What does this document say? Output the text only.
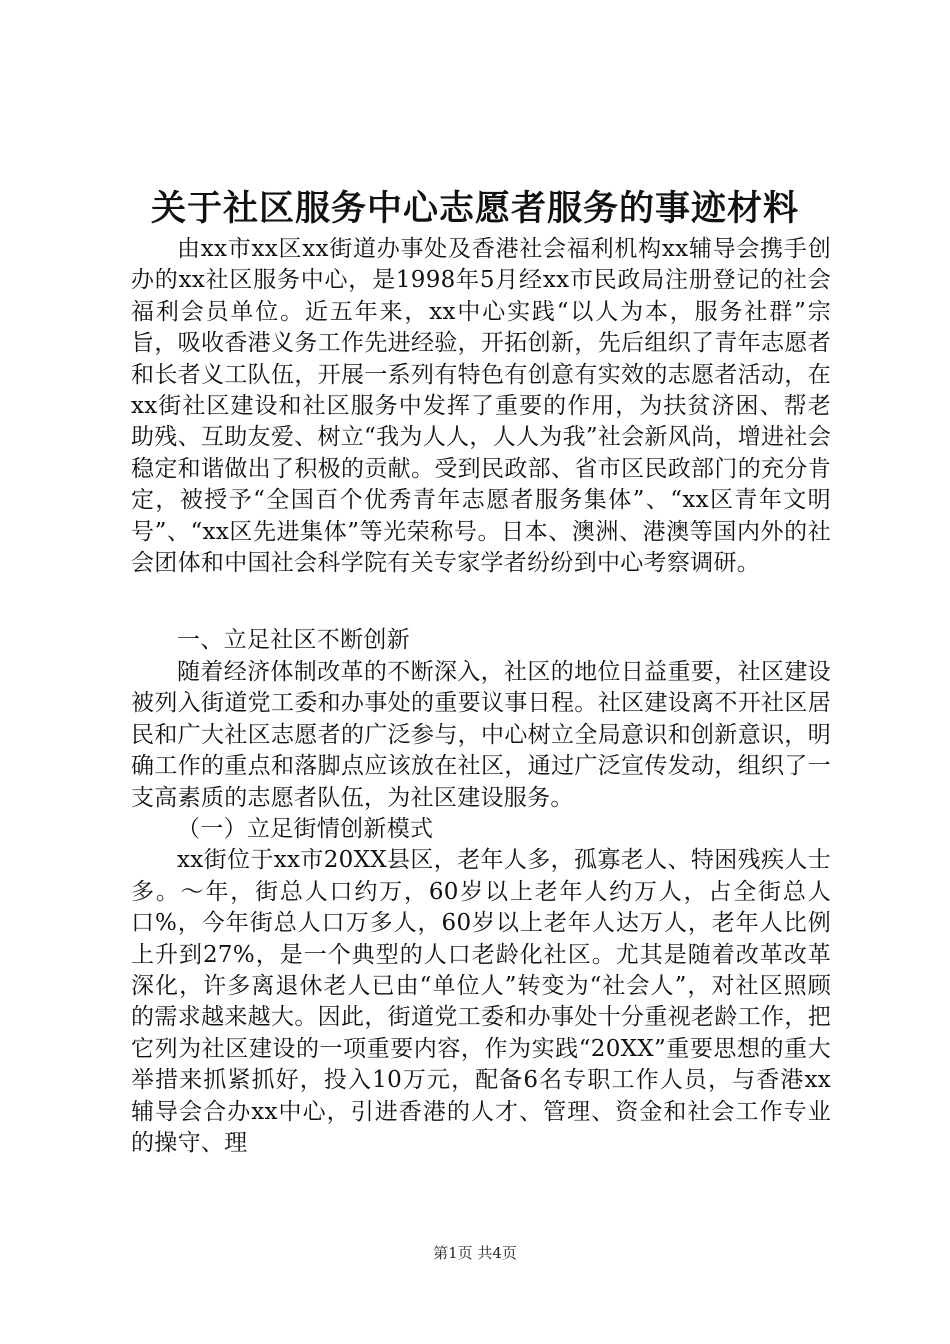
关于社区服务中心志愿者服务的事迹材料

由xx市xx区xx街道办事处及香港社会福利机构xx辅导会携手创办的xx社区服务中心，是1998年5月经xx市民政局注册登记的社会福利会员单位。近五年来，xx中心实践“以人为本，服务社群”宗旨，吸收香港义务工作先进经验，开拓创新，先后组织了青年志愿者和长者义工队伍，开展一系列有特色有创意有实效的志愿者活动，在xx街社区建设和社区服务中发挥了重要的作用，为扶贫济困、帮老助残、互助友爱、树立“我为人人，人人为我”社会新风尚，增进社会稳定和谐做出了积极的贡献。受到民政部、省市区民政部门的充分肯定，被授予“全国百个优秀青年志愿者服务集体”、“xx区青年文明号”、“xx区先进集体”等光荣称号。日本、澳洲、港澳等国内外的社会团体和中国社会科学院有关专家学者纷纷到中心考察调研。

一、立足社区不断创新

随着经济体制改革的不断深入，社区的地位日益重要，社区建设被列入街道党工委和办事处的重要议事日程。社区建设离不开社区居民和广大社区志愿者的广泛参与，中心树立全局意识和创新意识，明确工作的重点和落脚点应该放在社区，通过广泛宣传发动，组织了一支高素质的志愿者队伍，为社区建设服务。

（一）立足街情创新模式

xx街位于xx市20XX县区，老年人多，孤寡老人、特困残疾人士多。～年，街总人口约万，60岁以上老年人约万人，占全街总人口%，今年街总人口万多人，60岁以上老年人达万人，老年人比例上升到27%，是一个典型的人口老龄化社区。尤其是随着改革改革深化，许多离退休老人已由“单位人”转变为“社会人”，对社区照顾的需求越来越大。因此，街道党工委和办事处十分重视老龄工作，把它列为社区建设的一项重要内容，作为实践“20XX”重要思想的重大举措来抓紧抓好，投入10万元，配备6名专职工作人员，与香港xx辅导会合办xx中心，引进香港的人才、管理、资金和社会工作专业的操守、理

第1页 共4页
